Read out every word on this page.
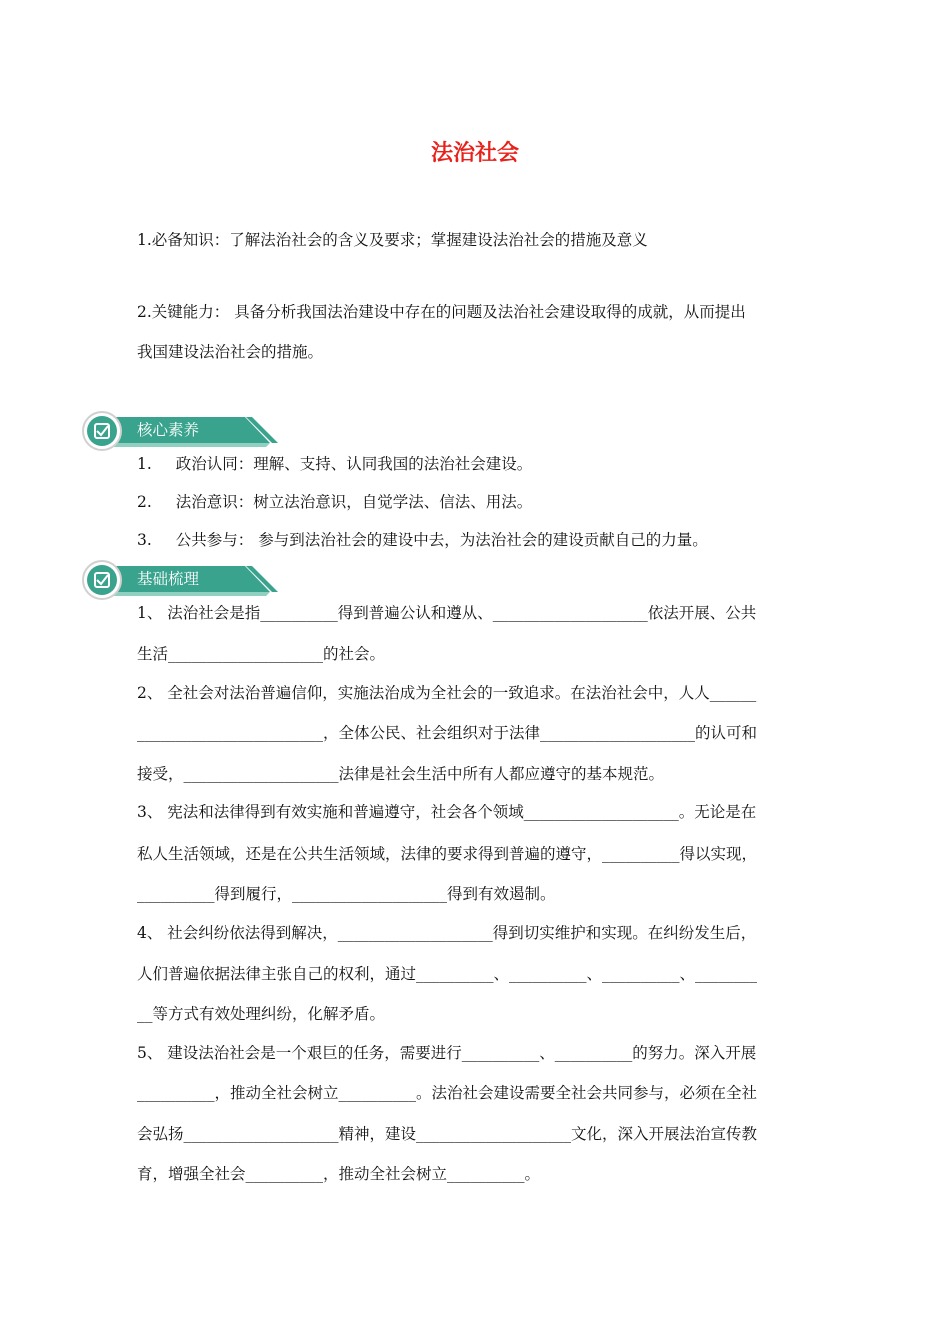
法治社会
1.必备知识：了解法治社会的含义及要求；掌握建设法治社会的措施及意义
2.关键能力： 具备分析我国法治建设中存在的问题及法治社会建设取得的成就，从而提出
我国建设法治社会的措施。
核心素养
1. 政治认同：理解、支持、认同我国的法治社会建设。
2. 法治意识：树立法治意识，自觉学法、信法、用法。
3. 公共参与： 参与到法治社会的建设中去，为法治社会的建设贡献自己的力量。
基础梳理
1、 法治社会是指__________得到普遍公认和遵从、____________________依法开展、公共
生活____________________的社会。
2、 全社会对法治普遍信仰，实施法治成为全社会的一致追求。在法治社会中，人人______
________________________，全体公民、社会组织对于法律____________________的认可和
接受，____________________法律是社会生活中所有人都应遵守的基本规范。
3、 宪法和法律得到有效实施和普遍遵守，社会各个领域____________________。无论是在
私人生活领域，还是在公共生活领域，法律的要求得到普遍的遵守，__________得以实现，
__________得到履行，____________________得到有效遏制。
4、 社会纠纷依法得到解决，____________________得到切实维护和实现。在纠纷发生后，
人们普遍依据法律主张自己的权利，通过__________、__________、__________、________
__等方式有效处理纠纷，化解矛盾。
5、 建设法治社会是一个艰巨的任务，需要进行__________、__________的努力。深入开展
__________，推动全社会树立__________。法治社会建设需要全社会共同参与，必须在全社
会弘扬____________________精神，建设____________________文化，深入开展法治宣传教
育，增强全社会__________，推动全社会树立__________。
